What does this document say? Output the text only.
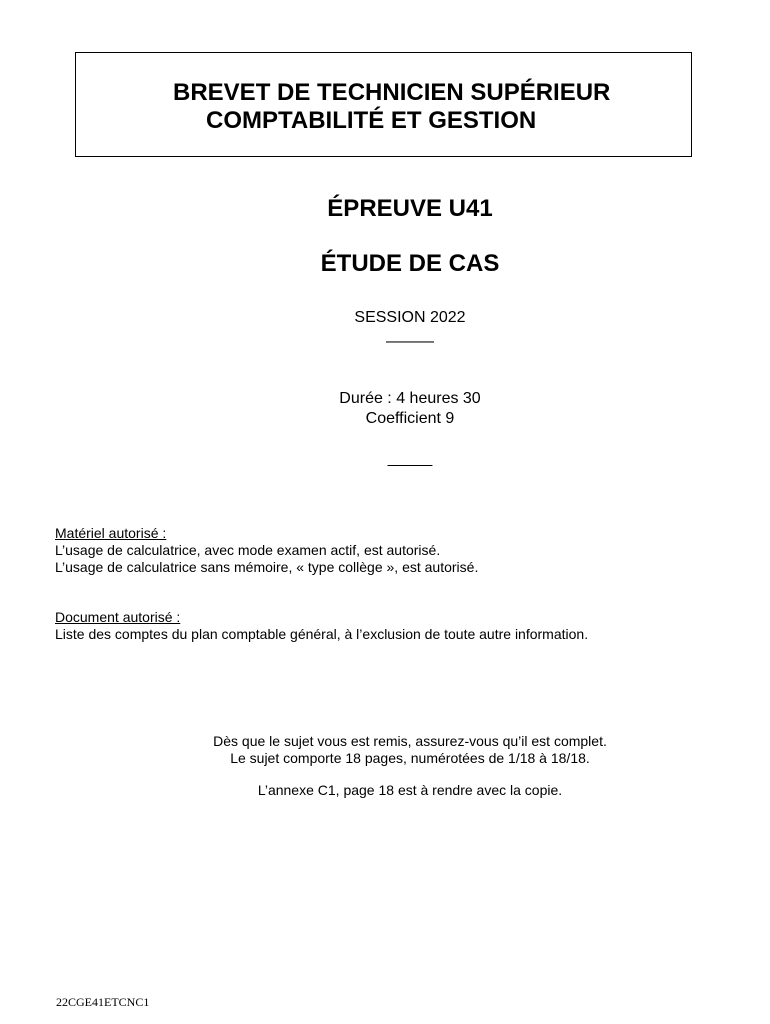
BREVET DE TECHNICIEN SUPÉRIEUR
COMPTABILITÉ ET GESTION
ÉPREUVE U41
ÉTUDE DE CAS
SESSION 2022
———
Durée : 4 heures 30
Coefficient 9
_____
Matériel autorisé :
L’usage de calculatrice, avec mode examen actif, est autorisé.
L’usage de calculatrice sans mémoire, « type collège », est autorisé.
Document autorisé :
Liste des comptes du plan comptable général, à l’exclusion de toute autre information.
Dès que le sujet vous est remis, assurez-vous qu’il est complet.
Le sujet comporte 18 pages, numérotées de 1/18 à 18/18.
L’annexe C1, page 18 est à rendre avec la copie.
22CGE41ETCNC1
